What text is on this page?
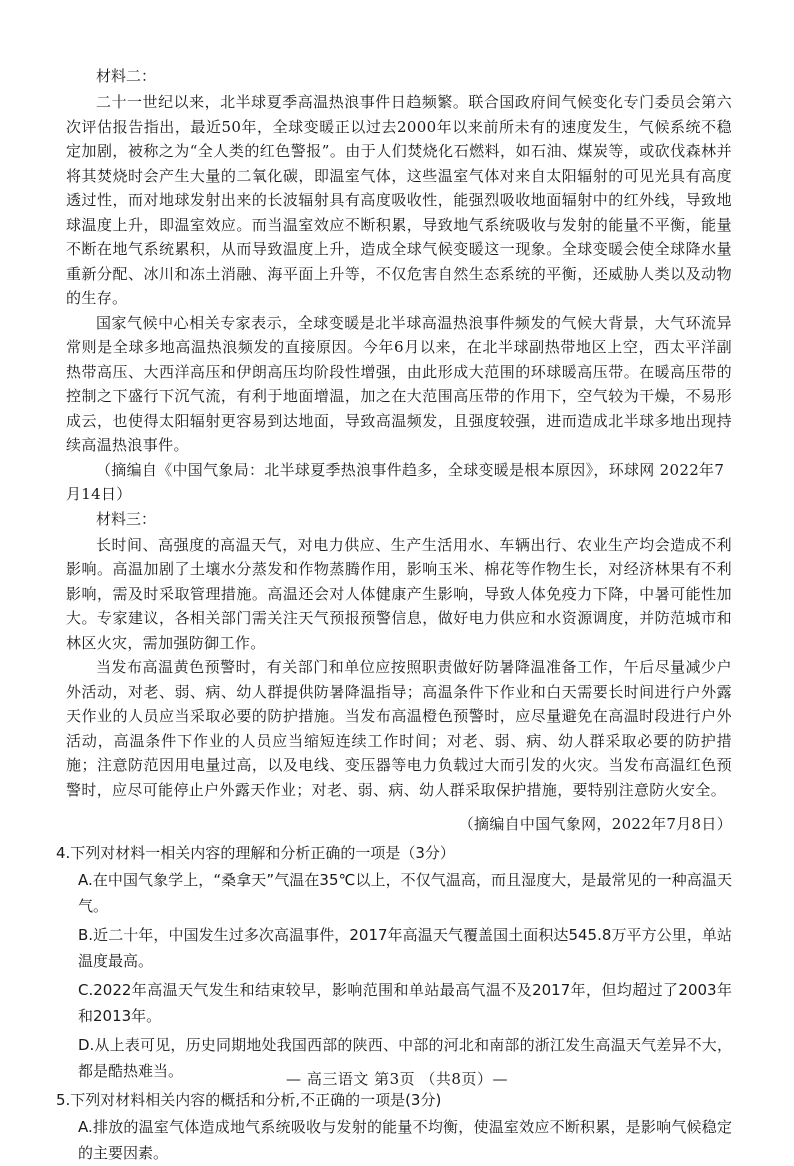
材料二：

二十一世纪以来，北半球夏季高温热浪事件日趋频繁。联合国政府间气候变化专门委员会第六次评估报告指出，最近50年，全球变暖正以过去2000年以来前所未有的速度发生，气候系统不稳定加剧，被称之为“全人类的红色警报”。由于人们焚烧化石燃料，如石油、煤炭等，或砍伐森林并将其焚烧时会产生大量的二氧化碳，即温室气体，这些温室气体对来自太阳辐射的可见光具有高度透过性，而对地球发射出来的长波辐射具有高度吸收性，能强烈吸收地面辐射中的红外线，导致地球温度上升，即温室效应。而当温室效应不断积累，导致地气系统吸收与发射的能量不平衡，能量不断在地气系统累积，从而导致温度上升，造成全球气候变暖这一现象。全球变暖会使全球降水量重新分配、冰川和冻土消融、海平面上升等，不仅危害自然生态系统的平衡，还威胁人类以及动物的生存。

国家气候中心相关专家表示，全球变暖是北半球高温热浪事件频发的气候大背景，大气环流异常则是全球多地高温热浪频发的直接原因。今年6月以来，在北半球副热带地区上空，西太平洋副热带高压、大西洋高压和伊朗高压均阶段性增强，由此形成大范围的环球暖高压带。在暖高压带的控制之下盛行下沉气流，有利于地面增温，加之在大范围高压带的作用下，空气较为干燥，不易形成云，也使得太阳辐射更容易到达地面，导致高温频发，且强度较强，进而造成北半球多地出现持续高温热浪事件。

（摘编自《中国气象局：北半球夏季热浪事件趋多，全球变暖是根本原因》，环球网 2022年7月14日）

材料三：

长时间、高强度的高温天气，对电力供应、生产生活用水、车辆出行、农业生产均会造成不利影响。高温加剧了土壤水分蒸发和作物蒸腾作用，影响玉米、棉花等作物生长，对经济林果有不利影响，需及时采取管理措施。高温还会对人体健康产生影响，导致人体免疫力下降，中暑可能性加大。专家建议，各相关部门需关注天气预报预警信息，做好电力供应和水资源调度，并防范城市和林区火灾，需加强防御工作。

当发布高温黄色预警时，有关部门和单位应按照职责做好防暑降温准备工作，午后尽量减少户外活动，对老、弱、病、幼人群提供防暑降温指导；高温条件下作业和白天需要长时间进行户外露天作业的人员应当采取必要的防护措施。当发布高温橙色预警时，应尽量避免在高温时段进行户外活动，高温条件下作业的人员应当缩短连续工作时间；对老、弱、病、幼人群采取必要的防护措施；注意防范因用电量过高，以及电线、变压器等电力负载过大而引发的火灾。当发布高温红色预警时，应尽可能停止户外露天作业；对老、弱、病、幼人群采取保护措施，要特别注意防火安全。

（摘编自中国气象网，2022年7月8日）

4.下列对材料一相关内容的理解和分析正确的一项是（3分）
A.在中国气象学上，“桑拿天”气温在35℃以上，不仅气温高，而且湿度大，是最常见的一种高温天气。
B.近二十年，中国发生过多次高温事件，2017年高温天气覆盖国土面积达545.8万平方公里，单站温度最高。
C.2022年高温天气发生和结束较早，影响范围和单站最高气温不及2017年，但均超过了2003年和2013年。
D.从上表可见，历史同期地处我国西部的陕西、中部的河北和南部的浙江发生高温天气差异不大，都是酷热难当。
5.下列对材料相关内容的概括和分析,不正确的一项是(3分)
A.排放的温室气体造成地气系统吸收与发射的能量不均衡，使温室效应不断积累，是影响气候稳定的主要因素。
— 高三语文 第3页 （共8页）—
